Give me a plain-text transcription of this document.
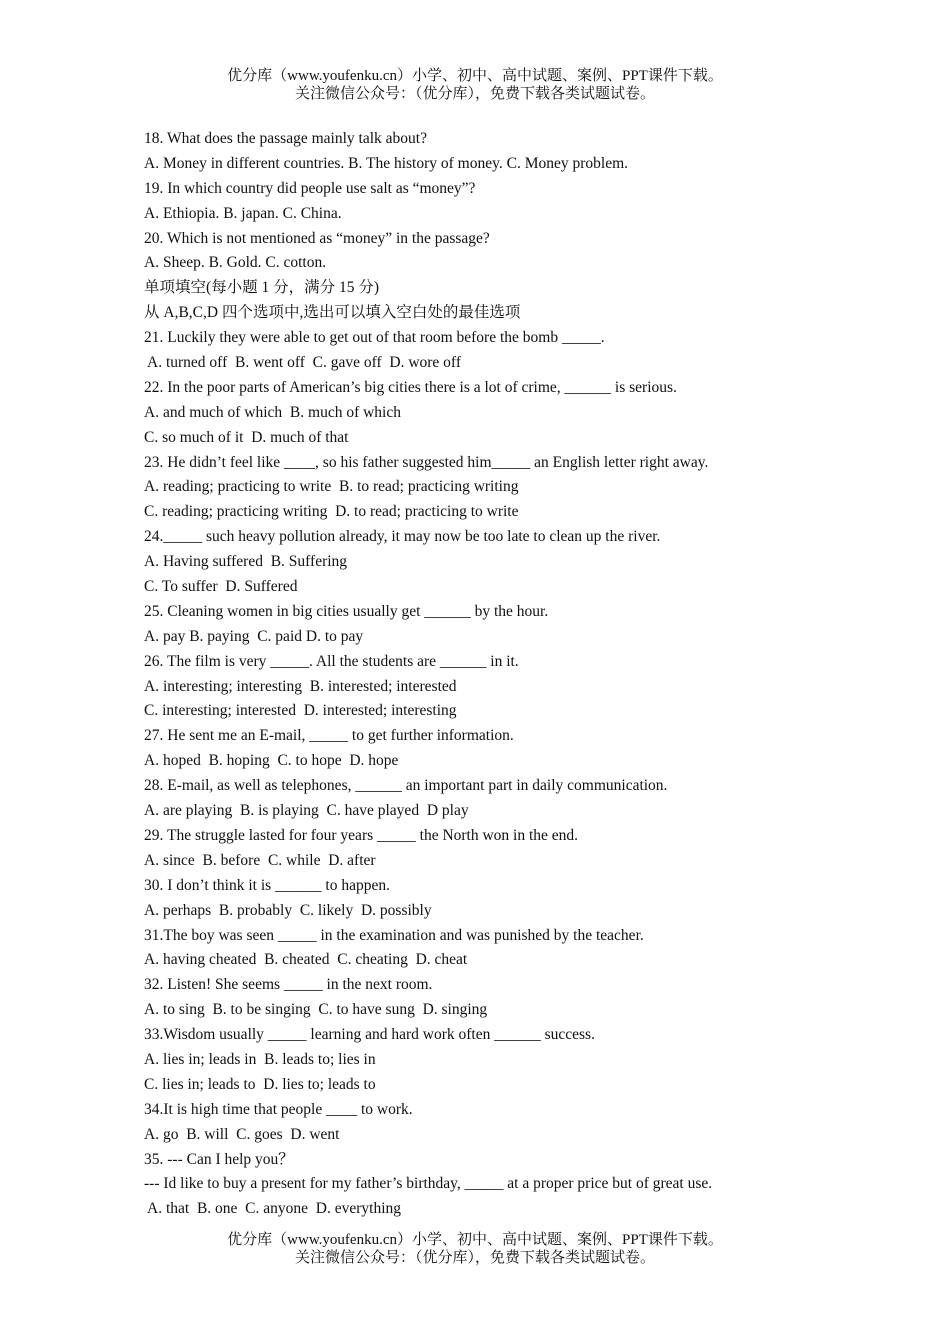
优分库（www.youfenku.cn）小学、初中、高中试题、案例、PPT课件下载。
关注微信公众号：（优分库），免费下载各类试题试卷。
18. What does the passage mainly talk about?
A. Money in different countries. B. The history of money. C. Money problem.
19. In which country did people use salt as “money”?
A. Ethiopia. B. japan. C. China.
20. Which is not mentioned as “money” in the passage?
A. Sheep. B. Gold. C. cotton.
单项填空(每小题 1 分，满分 15 分)
从 A,B,C,D 四个选项中,选出可以填入空白处的最佳选项
21. Luckily they were able to get out of that room before the bomb _____.
A. turned off  B. went off  C. gave off  D. wore off
22. In the poor parts of American’s big cities there is a lot of crime, ______ is serious.
A. and much of which  B. much of which
C. so much of it  D. much of that
23. He didn’t feel like ____, so his father suggested him_____ an English letter right away.
A. reading; practicing to write  B. to read; practicing writing
C. reading; practicing writing  D. to read; practicing to write
24._____ such heavy pollution already, it may now be too late to clean up the river.
A. Having suffered  B. Suffering
C. To suffer  D. Suffered
25. Cleaning women in big cities usually get ______ by the hour.
A. pay B. paying  C. paid D. to pay
26. The film is very _____. All the students are ______ in it.
A. interesting; interesting  B. interested; interested
C. interesting; interested  D. interested; interesting
27. He sent me an E-mail, _____ to get further information.
A. hoped  B. hoping  C. to hope  D. hope
28. E-mail, as well as telephones, ______ an important part in daily communication.
A. are playing  B. is playing  C. have played  D play
29. The struggle lasted for four years _____ the North won in the end.
A. since  B. before  C. while  D. after
30. I don’t think it is ______ to happen.
A. perhaps  B. probably  C. likely  D. possibly
31.The boy was seen _____ in the examination and was punished by the teacher.
A. having cheated  B. cheated  C. cheating  D. cheat
32. Listen! She seems _____ in the next room.
A. to sing  B. to be singing  C. to have sung  D. singing
33.Wisdom usually _____ learning and hard work often ______ success.
A. lies in; leads in  B. leads to; lies in
C. lies in; leads to  D. lies to; leads to
34.It is high time that people ____ to work.
A. go  B. will  C. goes  D. went
35. --- Can I help you？
--- Id like to buy a present for my father’s birthday, _____ at a proper price but of great use.
A. that  B. one  C. anyone  D. everything
优分库（www.youfenku.cn）小学、初中、高中试题、案例、PPT课件下载。
关注微信公众号：（优分库），免费下载各类试题试卷。
